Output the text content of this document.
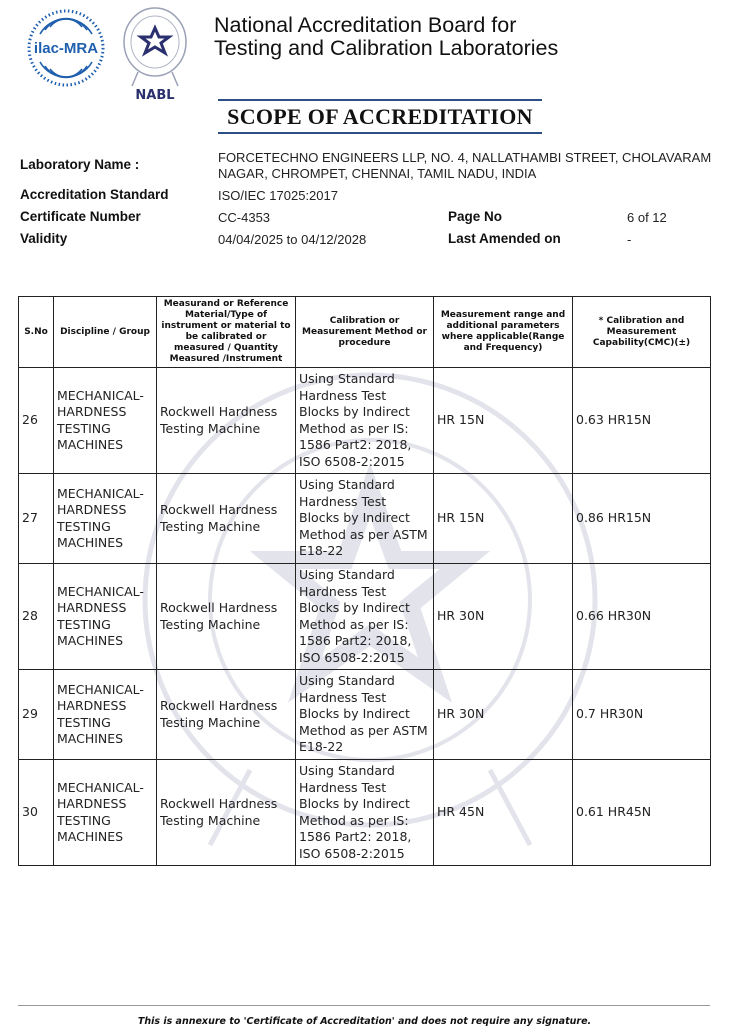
ilac-MRA
NABL
National Accreditation Board for
Testing and Calibration Laboratories
SCOPE OF ACCREDITATION
Laboratory Name :	FORCETECHNO ENGINEERS LLP, NO. 4, NALLATHAMBI STREET, CHOLAVARAM
NAGAR, CHROMPET, CHENNAI, TAMIL NADU, INDIA
Accreditation Standard	ISO/IEC 17025:2017
Certificate Number	CC-4353	Page No	6 of 12
Validity	04/04/2025 to 04/12/2028	Last Amended on	-
S.No	Discipline / Group	Measurand or Reference Material/Type of instrument or material to be calibrated or measured / Quantity Measured /Instrument	Calibration or Measurement Method or procedure	Measurement range and additional parameters where applicable(Range and Frequency)	* Calibration and Measurement Capability(CMC)(±)
26	MECHANICAL- HARDNESS TESTING MACHINES	Rockwell Hardness Testing Machine	Using Standard Hardness Test Blocks by Indirect Method as per IS: 1586 Part2: 2018, ISO 6508-2:2015	HR 15N	0.63 HR15N
27	MECHANICAL- HARDNESS TESTING MACHINES	Rockwell Hardness Testing Machine	Using Standard Hardness Test Blocks by Indirect Method as per ASTM E18-22	HR 15N	0.86 HR15N
28	MECHANICAL- HARDNESS TESTING MACHINES	Rockwell Hardness Testing Machine	Using Standard Hardness Test Blocks by Indirect Method as per IS: 1586 Part2: 2018, ISO 6508-2:2015	HR 30N	0.66 HR30N
29	MECHANICAL- HARDNESS TESTING MACHINES	Rockwell Hardness Testing Machine	Using Standard Hardness Test Blocks by Indirect Method as per ASTM E18-22	HR 30N	0.7 HR30N
30	MECHANICAL- HARDNESS TESTING MACHINES	Rockwell Hardness Testing Machine	Using Standard Hardness Test Blocks by Indirect Method as per IS: 1586 Part2: 2018, ISO 6508-2:2015	HR 45N	0.61 HR45N
This is annexure to 'Certificate of Accreditation' and does not require any signature.
